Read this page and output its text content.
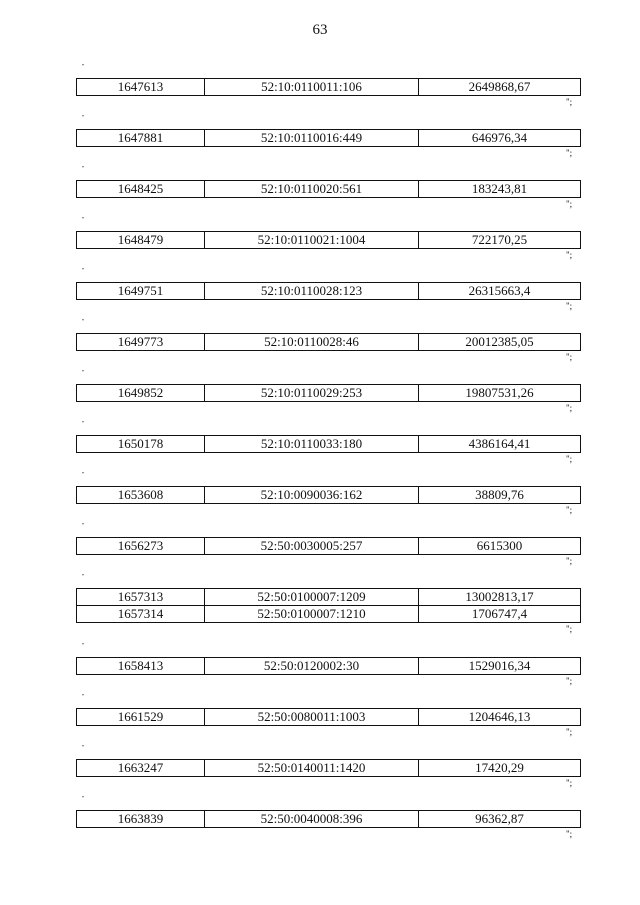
63
"
1647613	52:10:0110011:106	2649868,67
";
"
1647881	52:10:0110016:449	646976,34
";
"
1648425	52:10:0110020:561	183243,81
";
"
1648479	52:10:0110021:1004	722170,25
";
"
1649751	52:10:0110028:123	26315663,4
";
"
1649773	52:10:0110028:46	20012385,05
";
"
1649852	52:10:0110029:253	19807531,26
";
"
1650178	52:10:0110033:180	4386164,41
";
"
1653608	52:10:0090036:162	38809,76
";
"
1656273	52:50:0030005:257	6615300
";
"
1657313	52:50:0100007:1209	13002813,17
1657314	52:50:0100007:1210	1706747,4
";
"
1658413	52:50:0120002:30	1529016,34
";
"
1661529	52:50:0080011:1003	1204646,13
";
"
1663247	52:50:0140011:1420	17420,29
";
"
1663839	52:50:0040008:396	96362,87
";
